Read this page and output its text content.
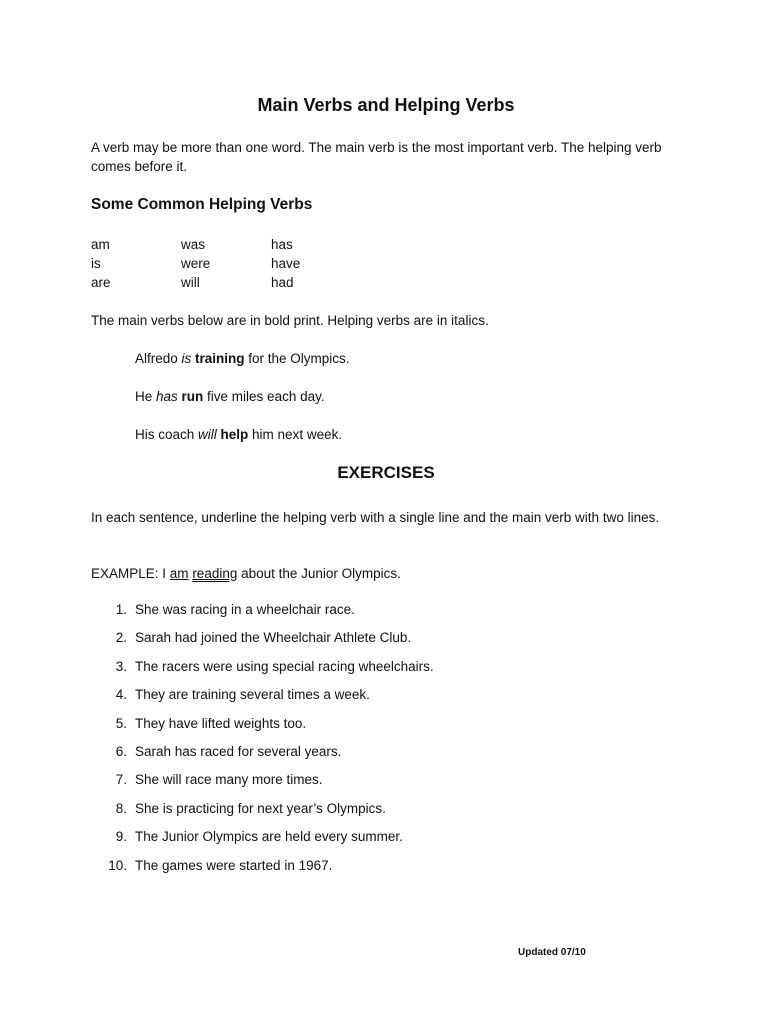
Main Verbs and Helping Verbs
A verb may be more than one word. The main verb is the most important verb. The helping verb comes before it.
Some Common Helping Verbs
am	was	has
is	were	have
are	will	had
The main verbs below are in bold print. Helping verbs are in italics.
Alfredo is training for the Olympics.
He has run five miles each day.
His coach will help him next week.
EXERCISES
In each sentence, underline the helping verb with a single line and the main verb with two lines.
EXAMPLE: I am reading about the Junior Olympics.
1. She was racing in a wheelchair race.
2. Sarah had joined the Wheelchair Athlete Club.
3. The racers were using special racing wheelchairs.
4. They are training several times a week.
5. They have lifted weights too.
6. Sarah has raced for several years.
7. She will race many more times.
8. She is practicing for next year’s Olympics.
9. The Junior Olympics are held every summer.
10. The games were started in 1967.
Updated 07/10
